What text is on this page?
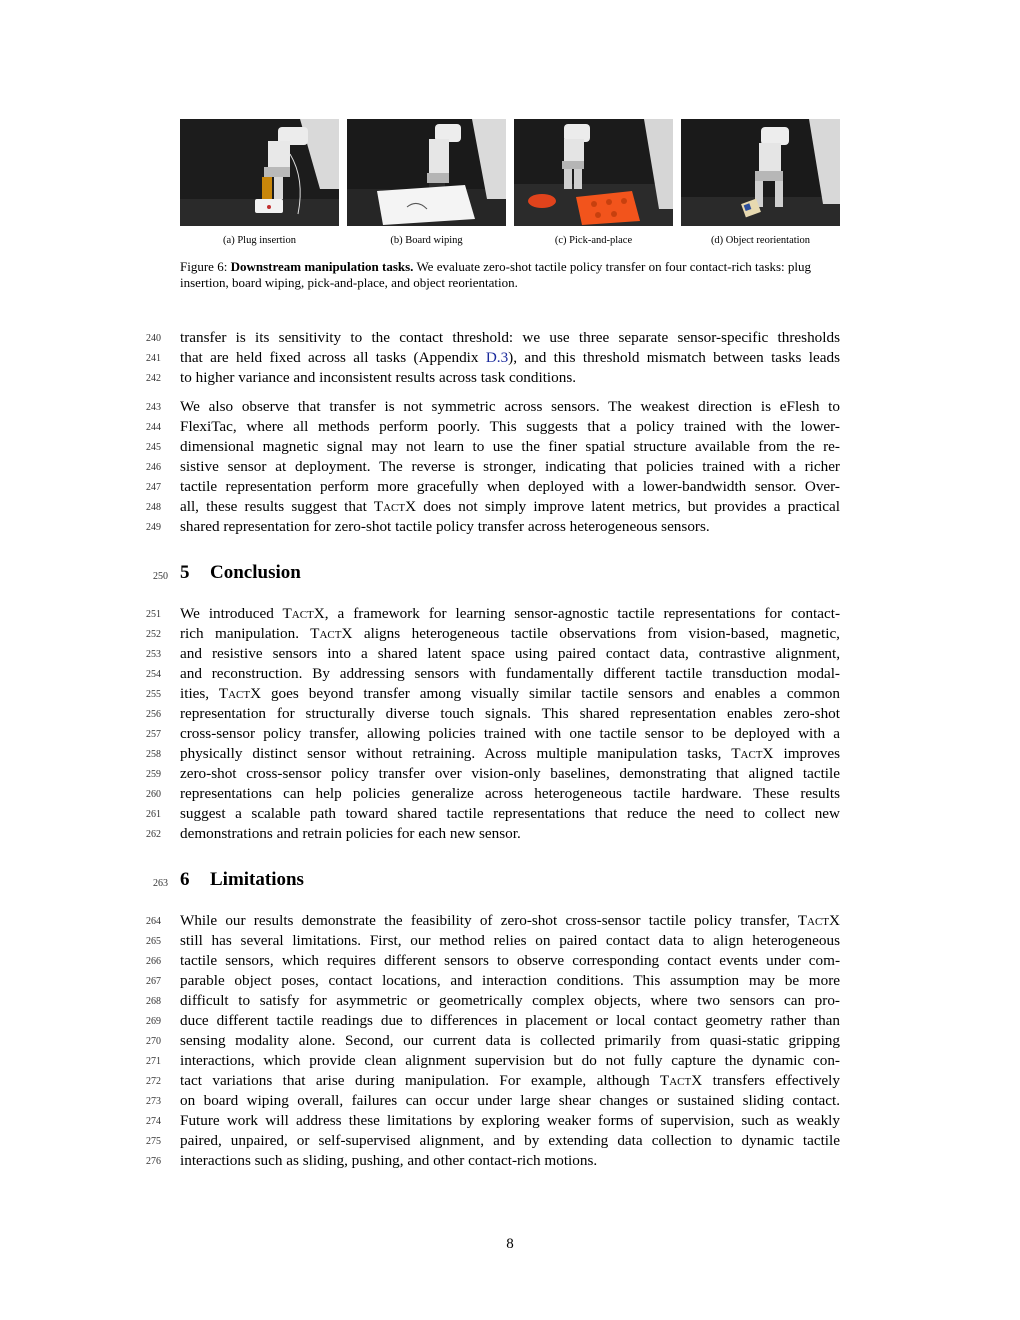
(a) Plug insertion	(b) Board wiping	(c) Pick-and-place	(d) Object reorientation
Figure 6: Downstream manipulation tasks. We evaluate zero-shot tactile policy transfer on four contact-rich tasks: plug insertion, board wiping, pick-and-place, and object reorientation.
240	transfer is its sensitivity to the contact threshold: we use three separate sensor-specific thresholds
241	that are held fixed across all tasks (Appendix D.3), and this threshold mismatch between tasks leads
242	to higher variance and inconsistent results across task conditions.
243	We also observe that transfer is not symmetric across sensors. The weakest direction is eFlesh to
244	FlexiTac, where all methods perform poorly. This suggests that a policy trained with the lower-
245	dimensional magnetic signal may not learn to use the finer spatial structure available from the re-
246	sistive sensor at deployment. The reverse is stronger, indicating that policies trained with a richer
247	tactile representation perform more gracefully when deployed with a lower-bandwidth sensor. Over-
248	all, these results suggest that TactX does not simply improve latent metrics, but provides a practical
249	shared representation for zero-shot tactile policy transfer across heterogeneous sensors.
250 5 Conclusion
251	We introduced TactX, a framework for learning sensor-agnostic tactile representations for contact-
252	rich manipulation. TactX aligns heterogeneous tactile observations from vision-based, magnetic,
253	and resistive sensors into a shared latent space using paired contact data, contrastive alignment,
254	and reconstruction. By addressing sensors with fundamentally different tactile transduction modal-
255	ities, TactX goes beyond transfer among visually similar tactile sensors and enables a common
256	representation for structurally diverse touch signals. This shared representation enables zero-shot
257	cross-sensor policy transfer, allowing policies trained with one tactile sensor to be deployed with a
258	physically distinct sensor without retraining. Across multiple manipulation tasks, TactX improves
259	zero-shot cross-sensor policy transfer over vision-only baselines, demonstrating that aligned tactile
260	representations can help policies generalize across heterogeneous tactile hardware. These results
261	suggest a scalable path toward shared tactile representations that reduce the need to collect new
262	demonstrations and retrain policies for each new sensor.
263 6 Limitations
264	While our results demonstrate the feasibility of zero-shot cross-sensor tactile policy transfer, TactX
265	still has several limitations. First, our method relies on paired contact data to align heterogeneous
266	tactile sensors, which requires different sensors to observe corresponding contact events under com-
267	parable object poses, contact locations, and interaction conditions. This assumption may be more
268	difficult to satisfy for asymmetric or geometrically complex objects, where two sensors can pro-
269	duce different tactile readings due to differences in placement or local contact geometry rather than
270	sensing modality alone. Second, our current data is collected primarily from quasi-static gripping
271	interactions, which provide clean alignment supervision but do not fully capture the dynamic con-
272	tact variations that arise during manipulation. For example, although TactX transfers effectively
273	on board wiping overall, failures can occur under large shear changes or sustained sliding contact.
274	Future work will address these limitations by exploring weaker forms of supervision, such as weakly
275	paired, unpaired, or self-supervised alignment, and by extending data collection to dynamic tactile
276	interactions such as sliding, pushing, and other contact-rich motions.
8
